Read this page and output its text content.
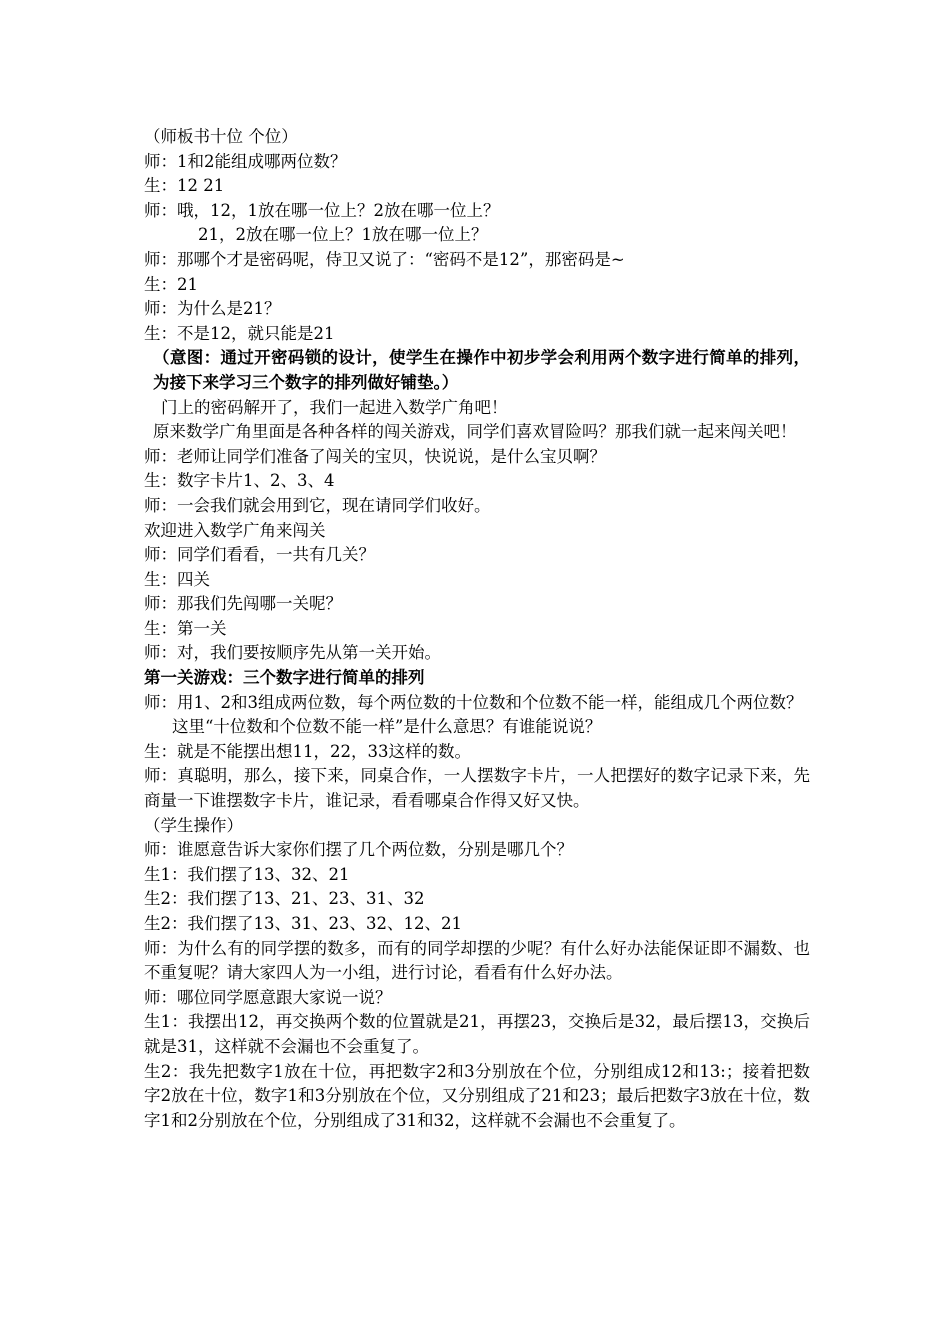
（师板书十位 个位）

师：1和2能组成哪两位数？

生：12 21

师：哦，12，1放在哪一位上？2放在哪一位上？

21，2放在哪一位上？1放在哪一位上？

师：那哪个才是密码呢，侍卫又说了：“密码不是12”，那密码是~

生：21

师：为什么是21？

生：不是12，就只能是21

（意图：通过开密码锁的设计，使学生在操作中初步学会利用两个数字进行简单的排列，为接下来学习三个数字的排列做好铺垫。）

门上的密码解开了，我们一起进入数学广角吧！

原来数学广角里面是各种各样的闯关游戏，同学们喜欢冒险吗？那我们就一起来闯关吧！

师：老师让同学们准备了闯关的宝贝，快说说，是什么宝贝啊？

生：数字卡片1、2、3、4

师：一会我们就会用到它，现在请同学们收好。

欢迎进入数学广角来闯关

师：同学们看看，一共有几关？

生：四关

师：那我们先闯哪一关呢？

生：第一关

师：对，我们要按顺序先从第一关开始。

第一关游戏：三个数字进行简单的排列

师：用1、2和3组成两位数，每个两位数的十位数和个位数不能一样，能组成几个两位数？

这里“十位数和个位数不能一样”是什么意思？有谁能说说？

生：就是不能摆出想11，22，33这样的数。

师：真聪明，那么，接下来，同桌合作，一人摆数字卡片，一人把摆好的数字记录下来，先商量一下谁摆数字卡片，谁记录，看看哪桌合作得又好又快。

（学生操作）

师：谁愿意告诉大家你们摆了几个两位数，分别是哪几个？

生1：我们摆了13、32、21

生2：我们摆了13、21、23、31、32

生2：我们摆了13、31、23、32、12、21

师：为什么有的同学摆的数多，而有的同学却摆的少呢？有什么好办法能保证即不漏数、也不重复呢？请大家四人为一小组，进行讨论，看看有什么好办法。

师：哪位同学愿意跟大家说一说？

生1：我摆出12，再交换两个数的位置就是21，再摆23，交换后是32，最后摆13，交换后就是31，这样就不会漏也不会重复了。

生2：我先把数字1放在十位，再把数字2和3分别放在个位，分别组成12和13:；接着把数字2放在十位，数字1和3分别放在个位，又分别组成了21和23；最后把数字3放在十位，数字1和2分别放在个位，分别组成了31和32，这样就不会漏也不会重复了。
